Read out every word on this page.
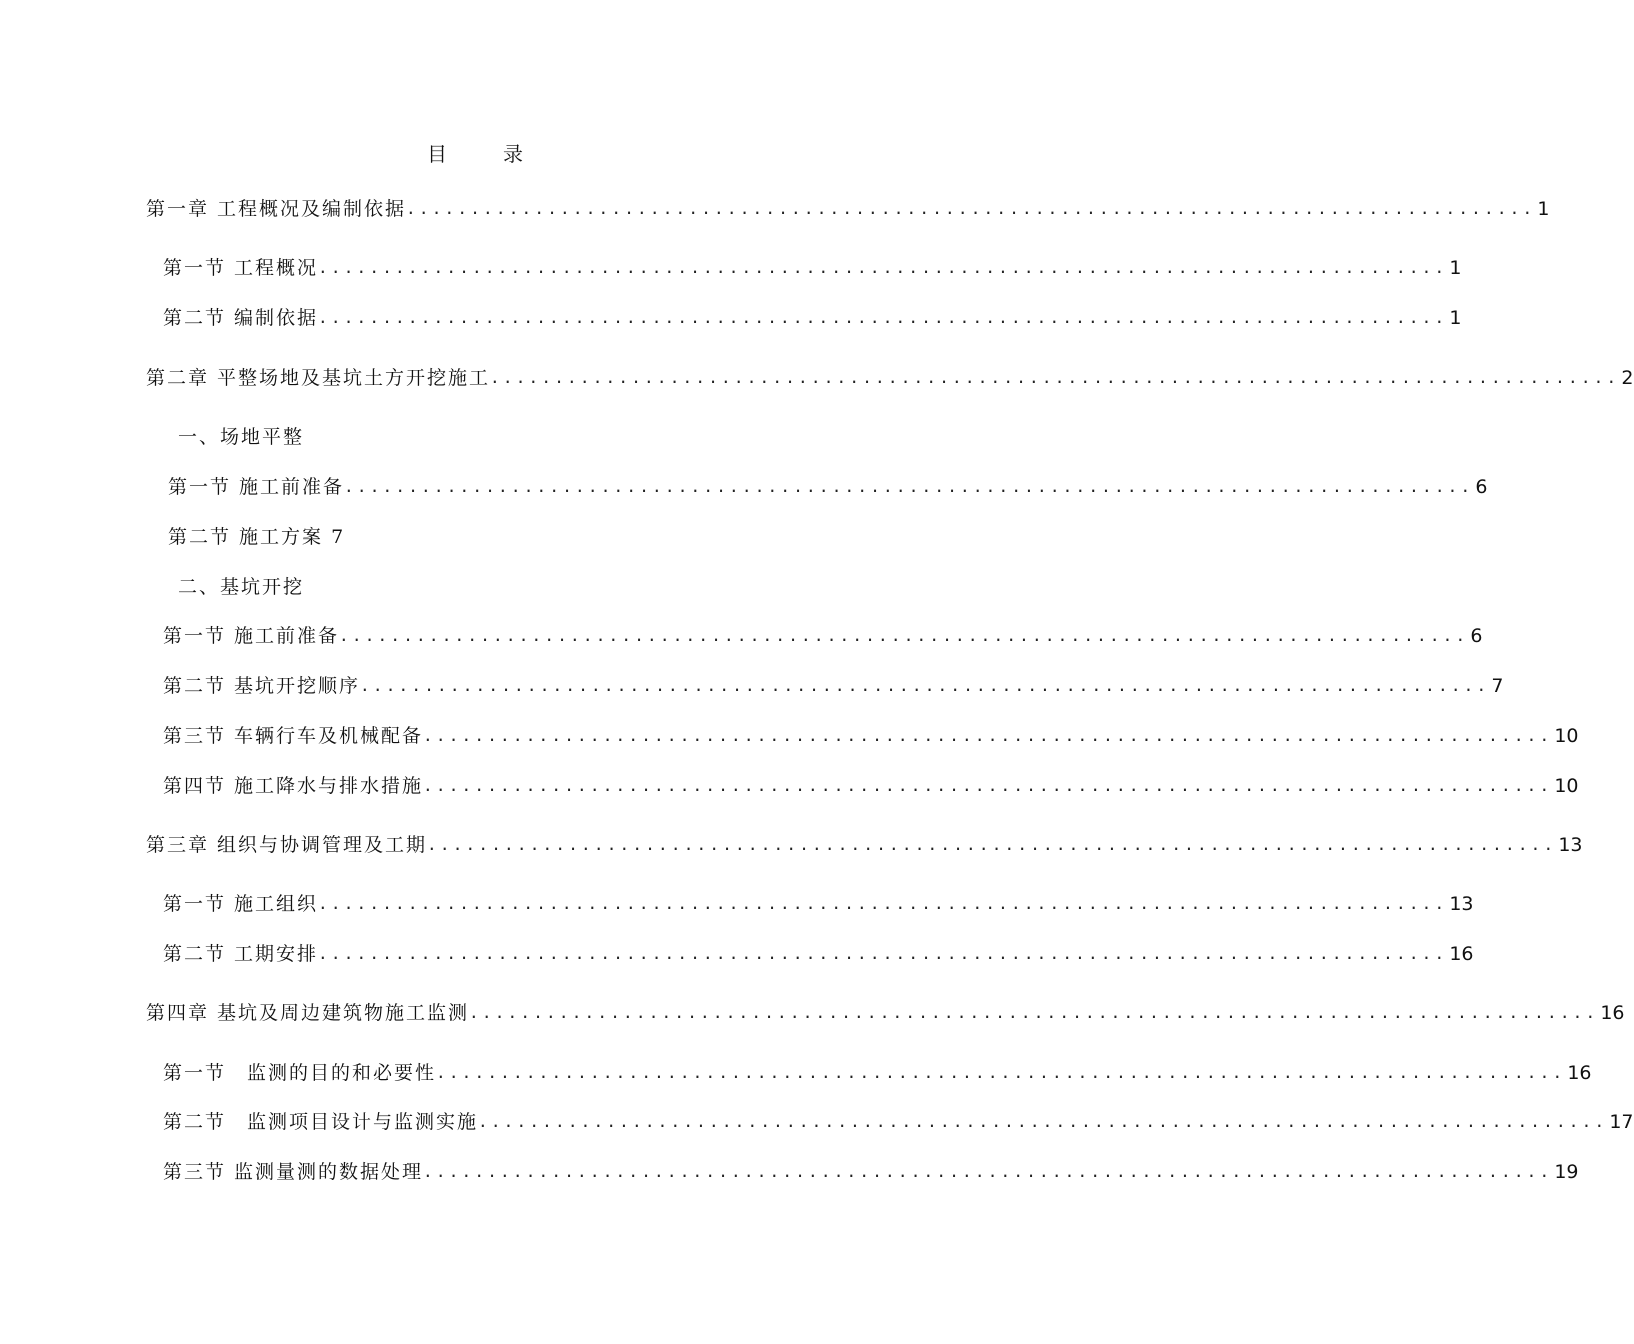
目　录
第一章 工程概况及编制依据 ........................................................................................ 1
第一节 工程概况 ........................................................................................ 1
第二节 编制依据 ........................................................................................ 1
第二章 平整场地及基坑土方开挖施工 ........................................................................................ 2
一、场地平整
第一节 施工前准备 ........................................................................................ 6
第二节 施工方案 7
二、基坑开挖
第一节 施工前准备 ........................................................................................ 6
第二节 基坑开挖顺序 ........................................................................................ 7
第三节 车辆行车及机械配备 ........................................................................................ 10
第四节 施工降水与排水措施 ........................................................................................ 10
第三章 组织与协调管理及工期 ........................................................................................ 13
第一节 施工组织 ........................................................................................ 13
第二节 工期安排 ........................................................................................ 16
第四章 基坑及周边建筑物施工监测 ........................................................................................ 16
第一节　监测的目的和必要性 ........................................................................................ 16
第二节　监测项目设计与监测实施 ........................................................................................ 17
第三节 监测量测的数据处理 ........................................................................................ 19
